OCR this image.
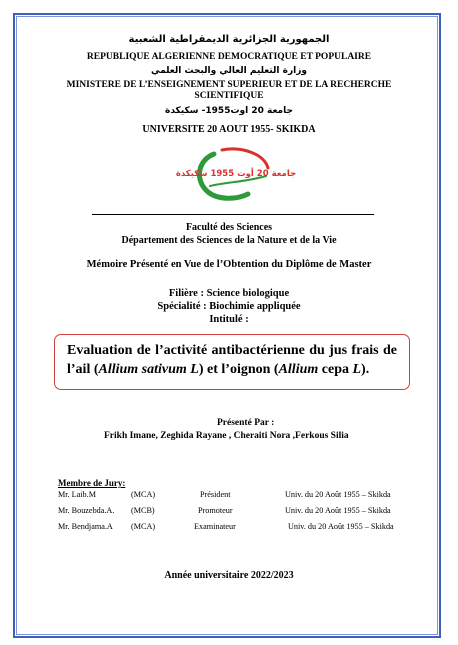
الجمهورية الجزائرية الديمقراطية الشعبية
REPUBLIQUE ALGERIENNE DEMOCRATIQUE ET POPULAIRE
وزارة التعليم العالي والبحث العلمي
MINISTERE DE L’ENSEIGNEMENT SUPERIEUR ET DE LA RECHERCHE
SCIENTIFIQUE
جامعة 20 اوت1955- سكيكدة
UNIVERSITE 20 AOUT 1955- SKIKDA
جامعة 20 أوت 1955 سكيكدة
Faculté des Sciences
Département des Sciences de la Nature et de la Vie
Mémoire Présenté en Vue de l’Obtention du Diplôme de Master
Filière : Science biologique
Spécialité : Biochimie appliquée
Intitulé :
Evaluation de l’activité antibactérienne du jus frais de l’ail (Allium sativum L) et l’oignon (Allium cepa L).
Présenté Par :
Frikh Imane, Zeghida Rayane , Cheraiti Nora ,Ferkous Silia
Membre de Jury:
Mr. Laib.M	(MCA)	Président	Univ. du 20 Août 1955 – Skikda
Mr. Bouzebda.A. (MCB)	Promoteur	Univ. du 20 Août 1955 – Skikda
Mr. Bendjama.A (MCA)	Examinateur	Univ. du 20 Août 1955 – Skikda
Année universitaire 2022/2023
